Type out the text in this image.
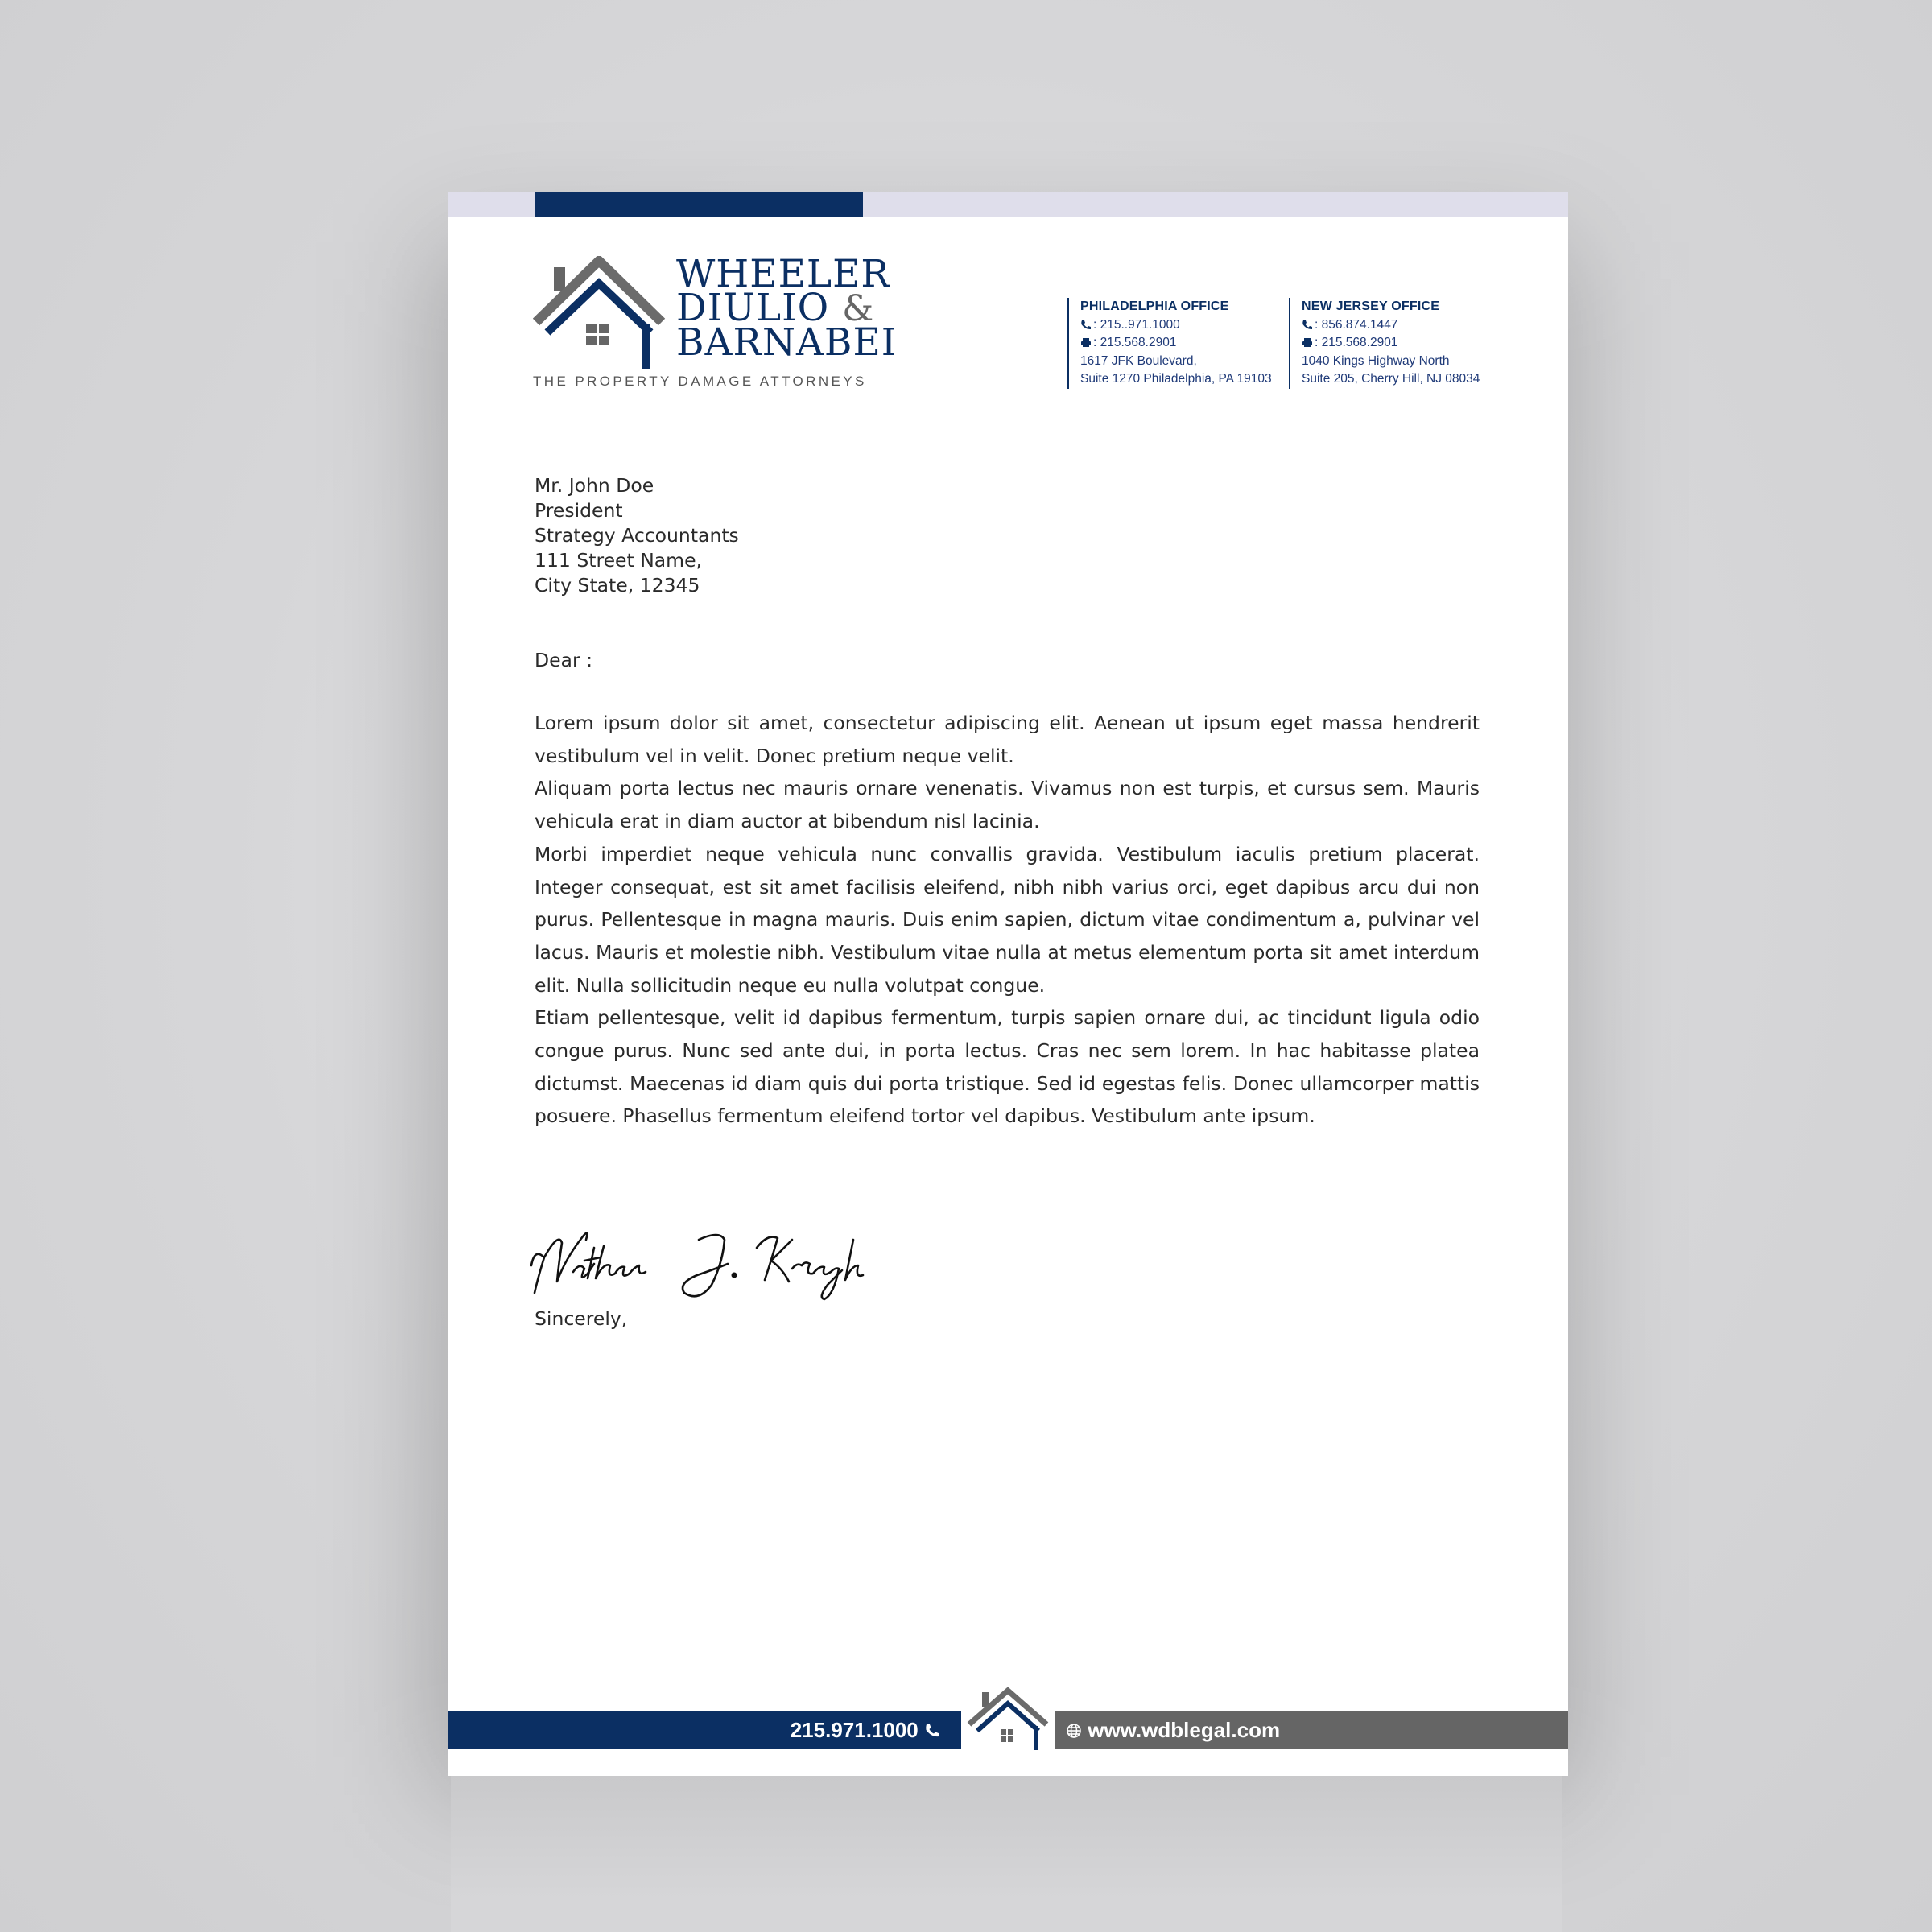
WHEELER
DIULIO &
BARNABEI
THE PROPERTY DAMAGE ATTORNEYS
PHILADELPHIA OFFICE
: 215..971.1000
: 215.568.2901
1617 JFK Boulevard,
Suite 1270 Philadelphia, PA 19103
NEW JERSEY OFFICE
: 856.874.1447
: 215.568.2901
1040 Kings Highway North
Suite 205, Cherry Hill, NJ 08034
Mr. John Doe
President
Strategy Accountants
111 Street Name,
City State, 12345
Dear :

Lorem ipsum dolor sit amet, consectetur adipiscing elit. Aenean ut ipsum eget massa hendrerit vestibulum vel in velit. Donec pretium neque velit.

Aliquam porta lectus nec mauris ornare venenatis. Vivamus non est turpis, et cursus sem. Mauris vehicula erat in diam auctor at bibendum nisl lacinia.

Morbi imperdiet neque vehicula nunc convallis gravida. Vestibulum iaculis pretium placerat. Integer consequat, est sit amet facilisis eleifend, nibh nibh varius orci, eget dapibus arcu dui non purus. Pellentesque in magna mauris. Duis enim sapien, dictum vitae condimentum a, pulvinar vel lacus. Mauris et molestie nibh. Vestibulum vitae nulla at metus elementum porta sit amet interdum elit. Nulla sollicitudin neque eu nulla volutpat congue.

Etiam pellentesque, velit id dapibus fermentum, turpis sapien ornare dui, ac tincidunt ligula odio congue purus. Nunc sed ante dui, in porta lectus. Cras nec sem lorem. In hac habitasse platea dictumst. Maecenas id diam quis dui porta tristique. Sed id egestas felis. Donec ullamcorper mattis posuere. Phasellus fermentum eleifend tortor vel dapibus. Vestibulum ante ipsum.

Sincerely,
215.971.1000	www.wdblegal.com
